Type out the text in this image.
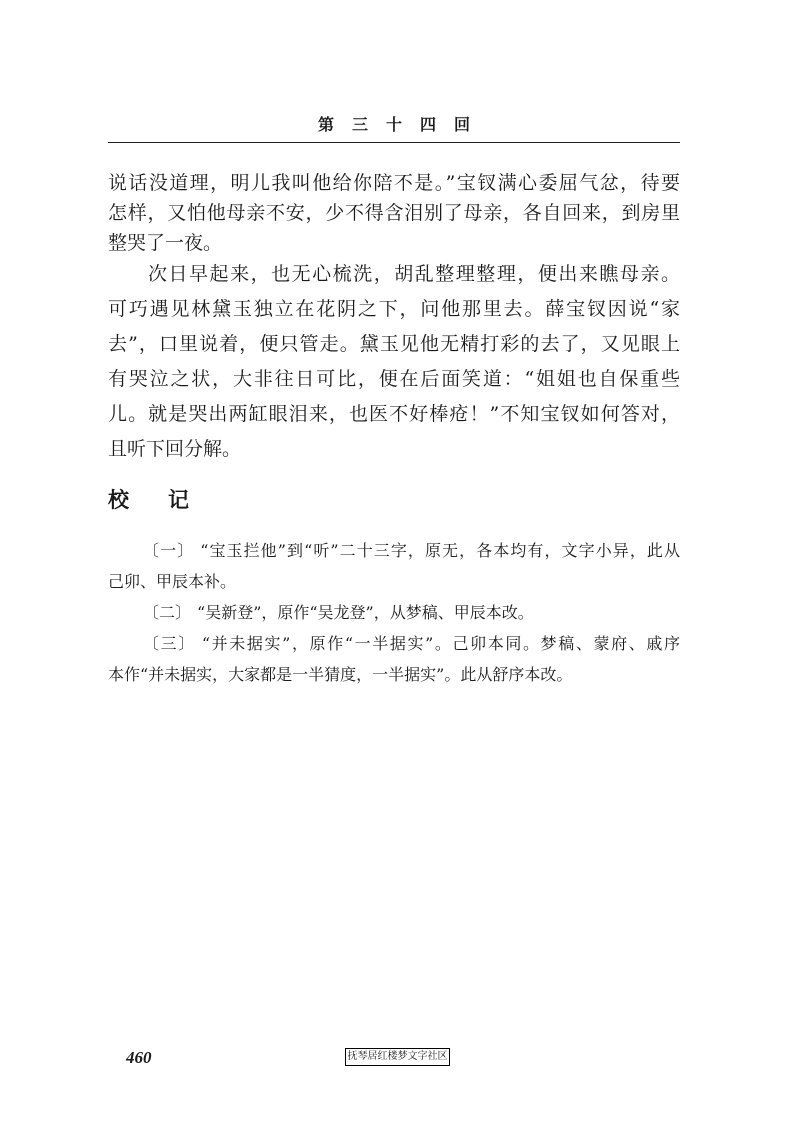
第三十四回
说话没道理，明儿我叫他给你陪不是。”宝钗满心委屈气忿，待要
怎样，又怕他母亲不安，少不得含泪别了母亲，各自回来，到房里
整哭了一夜。
次日早起来，也无心梳洗，胡乱整理整理，便出来瞧母亲。
可巧遇见林黛玉独立在花阴之下，问他那里去。薛宝钗因说“家
去”，口里说着，便只管走。黛玉见他无精打彩的去了，又见眼上
有哭泣之状，大非往日可比，便在后面笑道：“姐姐也自保重些
儿。就是哭出两缸眼泪来，也医不好棒疮！”不知宝钗如何答对，
且听下回分解。
校记
〔一〕 “宝玉拦他”到“听”二十三字，原无，各本均有，文字小异，此从
己卯、甲辰本补。
〔二〕 “吴新登”，原作“吴龙登”，从梦稿、甲辰本改。
〔三〕 “并未据实”，原作“一半据实”。己卯本同。梦稿、蒙府、戚序
本作“并未据实，大家都是一半猜度，一半据实”。此从舒序本改。
460	抚琴居红楼梦文字社区
